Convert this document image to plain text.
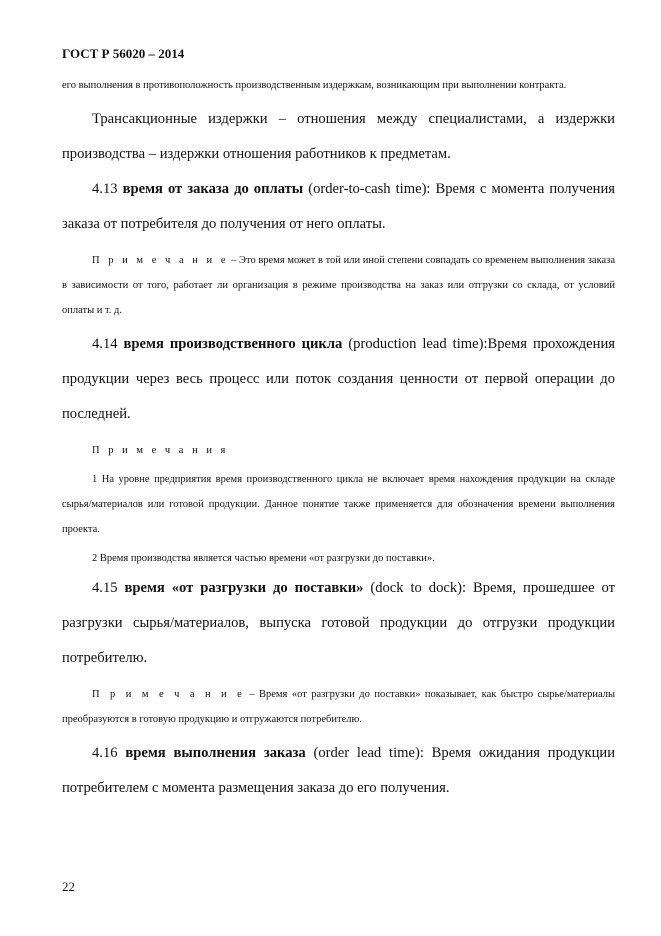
ГОСТ Р 56020 – 2014

его выполнения в противоположность производственным издержкам, возникающим при выполнении контракта.

Трансакционные издержки – отношения между специалистами, а издержки производства – издержки отношения работников к предметам.

4.13 время от заказа до оплаты (order-to-cash time): Время с момента получения заказа от потребителя до получения от него оплаты.

П р и м е ч а н и е – Это время может в той или иной степени совпадать со временем выполнения заказа в зависимости от того, работает ли организация в режиме производства на заказ или отгрузки со склада, от условий оплаты и т. д.

4.14 время производственного цикла (production lead time):Время прохождения продукции через весь процесс или поток создания ценности от первой операции до последней.

П р и м е ч а н и я

1 На уровне предприятия время производственного цикла не включает время нахождения продукции на складе сырья/материалов или готовой продукции. Данное понятие также применяется для обозначения времени выполнения проекта.

2 Время производства является частью времени «от разгрузки до поставки».

4.15 время «от разгрузки до поставки» (dock to dock): Время, прошедшее от разгрузки сырья/материалов, выпуска готовой продукции до отгрузки продукции потребителю.

П р и м е ч а н и е – Время «от разгрузки до поставки» показывает, как быстро сырье/материалы преобразуются в готовую продукцию и отгружаются потребителю.

4.16 время выполнения заказа (order lead time): Время ожидания продукции потребителем с момента размещения заказа до его получения.

22
